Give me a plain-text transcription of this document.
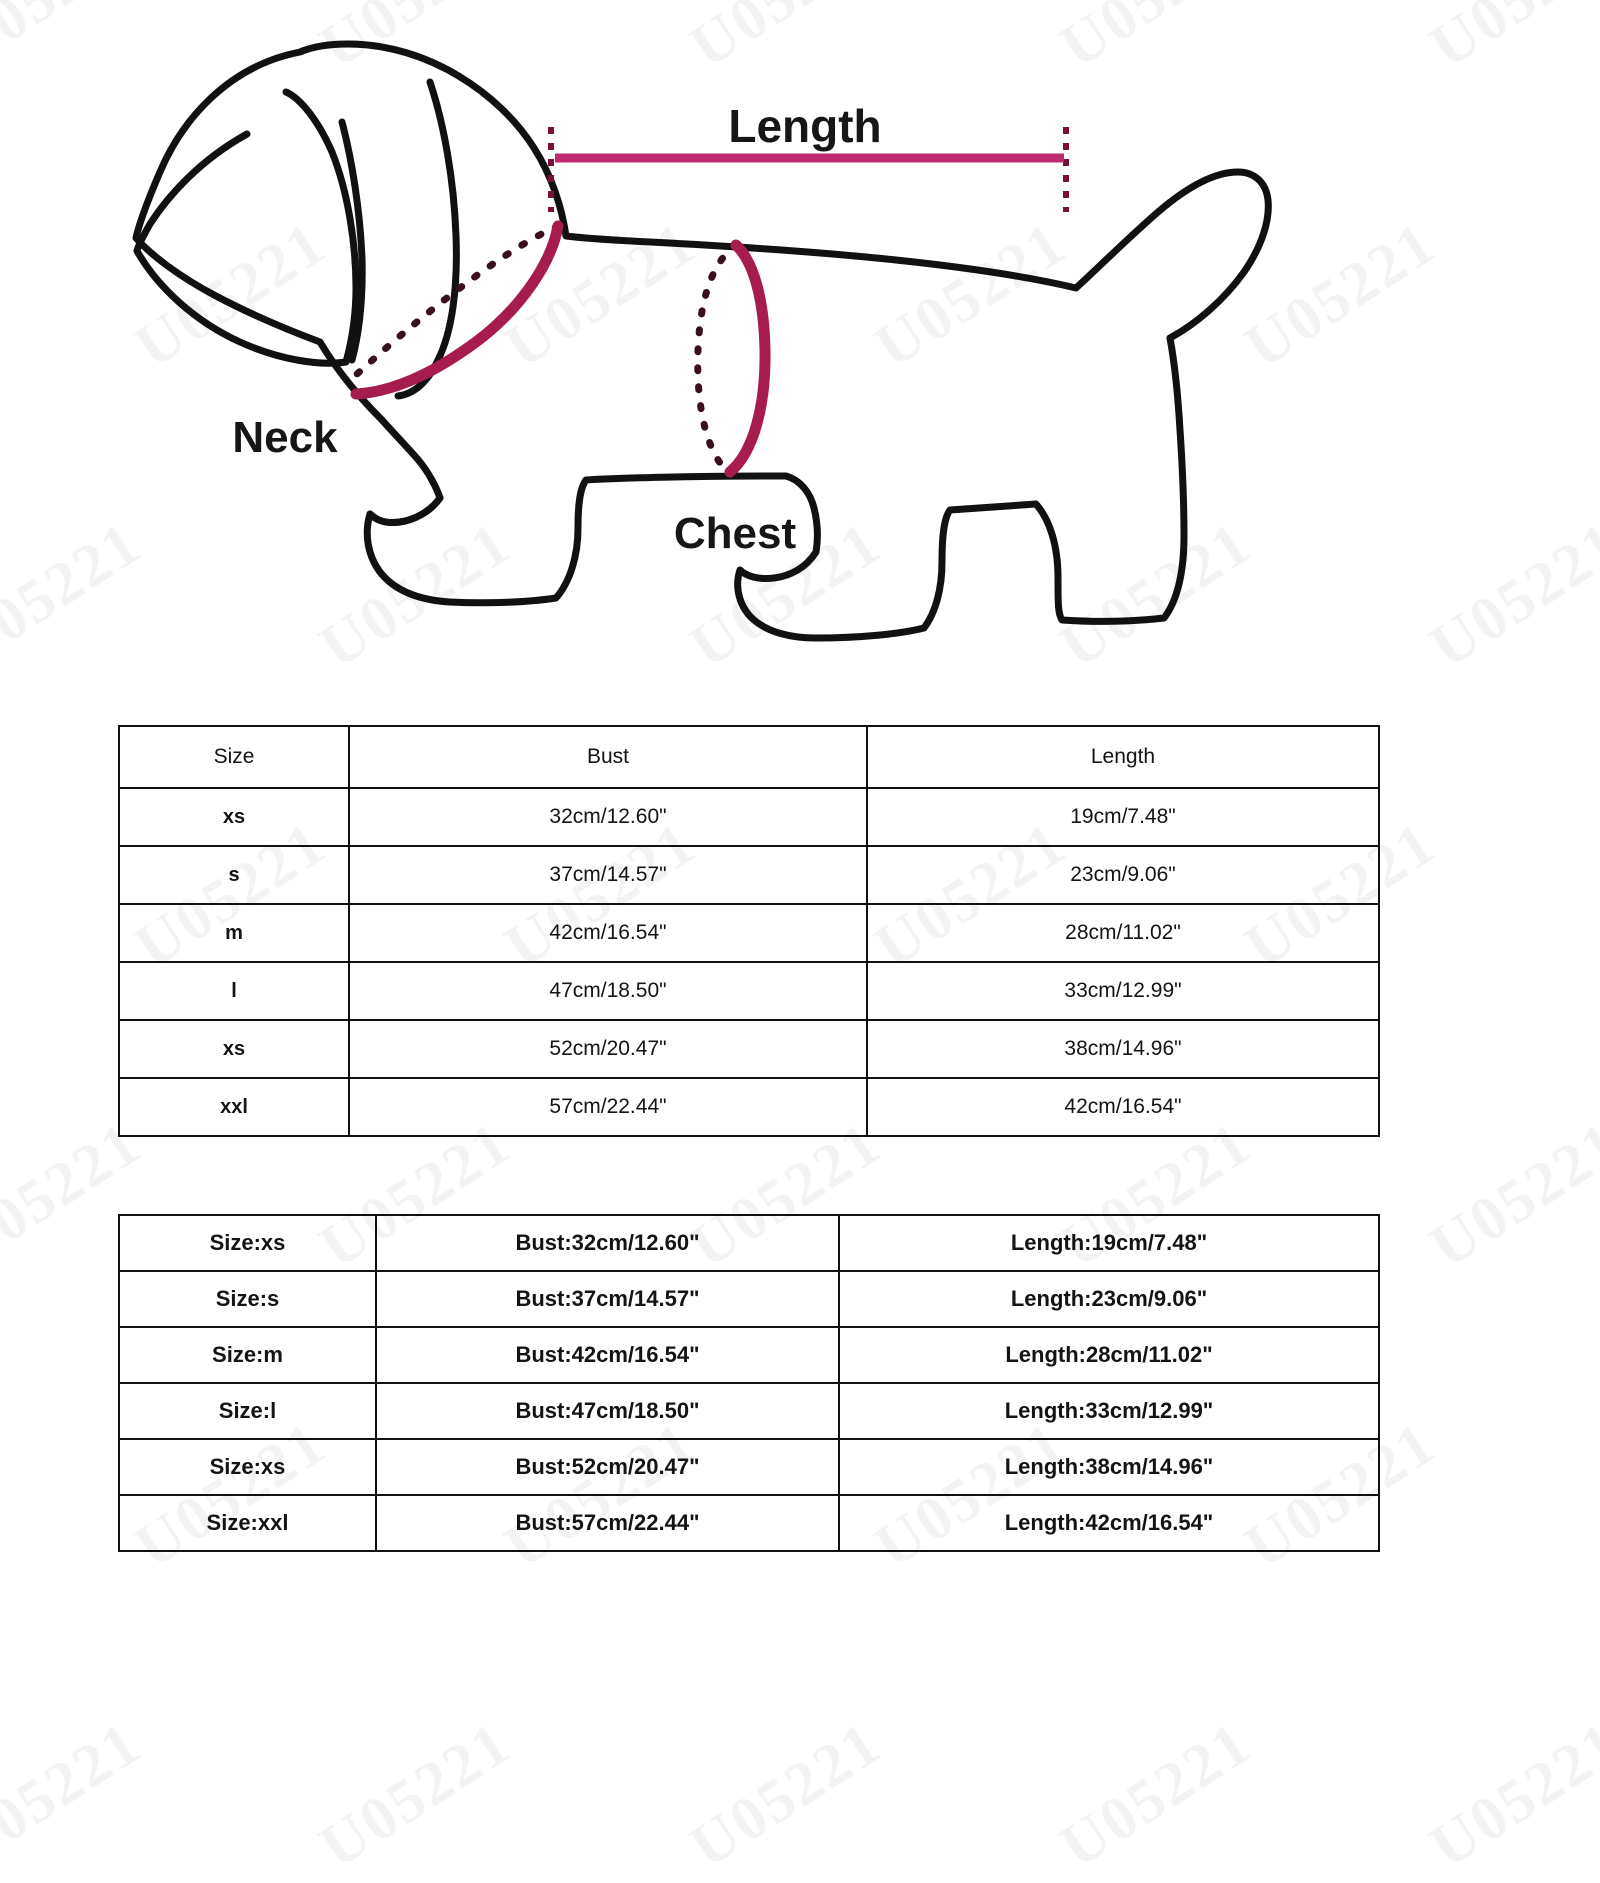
Length
Neck
Chest
Size	Bust	Length
xs	32cm/12.60"	19cm/7.48"
s	37cm/14.57"	23cm/9.06"
m	42cm/16.54"	28cm/11.02"
l	47cm/18.50"	33cm/12.99"
xs	52cm/20.47"	38cm/14.96"
xxl	57cm/22.44"	42cm/16.54"
Size:xs	Bust:32cm/12.60"	Length:19cm/7.48"
Size:s	Bust:37cm/14.57"	Length:23cm/9.06"
Size:m	Bust:42cm/16.54"	Length:28cm/11.02"
Size:l	Bust:47cm/18.50"	Length:33cm/12.99"
Size:xs	Bust:52cm/20.47"	Length:38cm/14.96"
Size:xxl	Bust:57cm/22.44"	Length:42cm/16.54"
